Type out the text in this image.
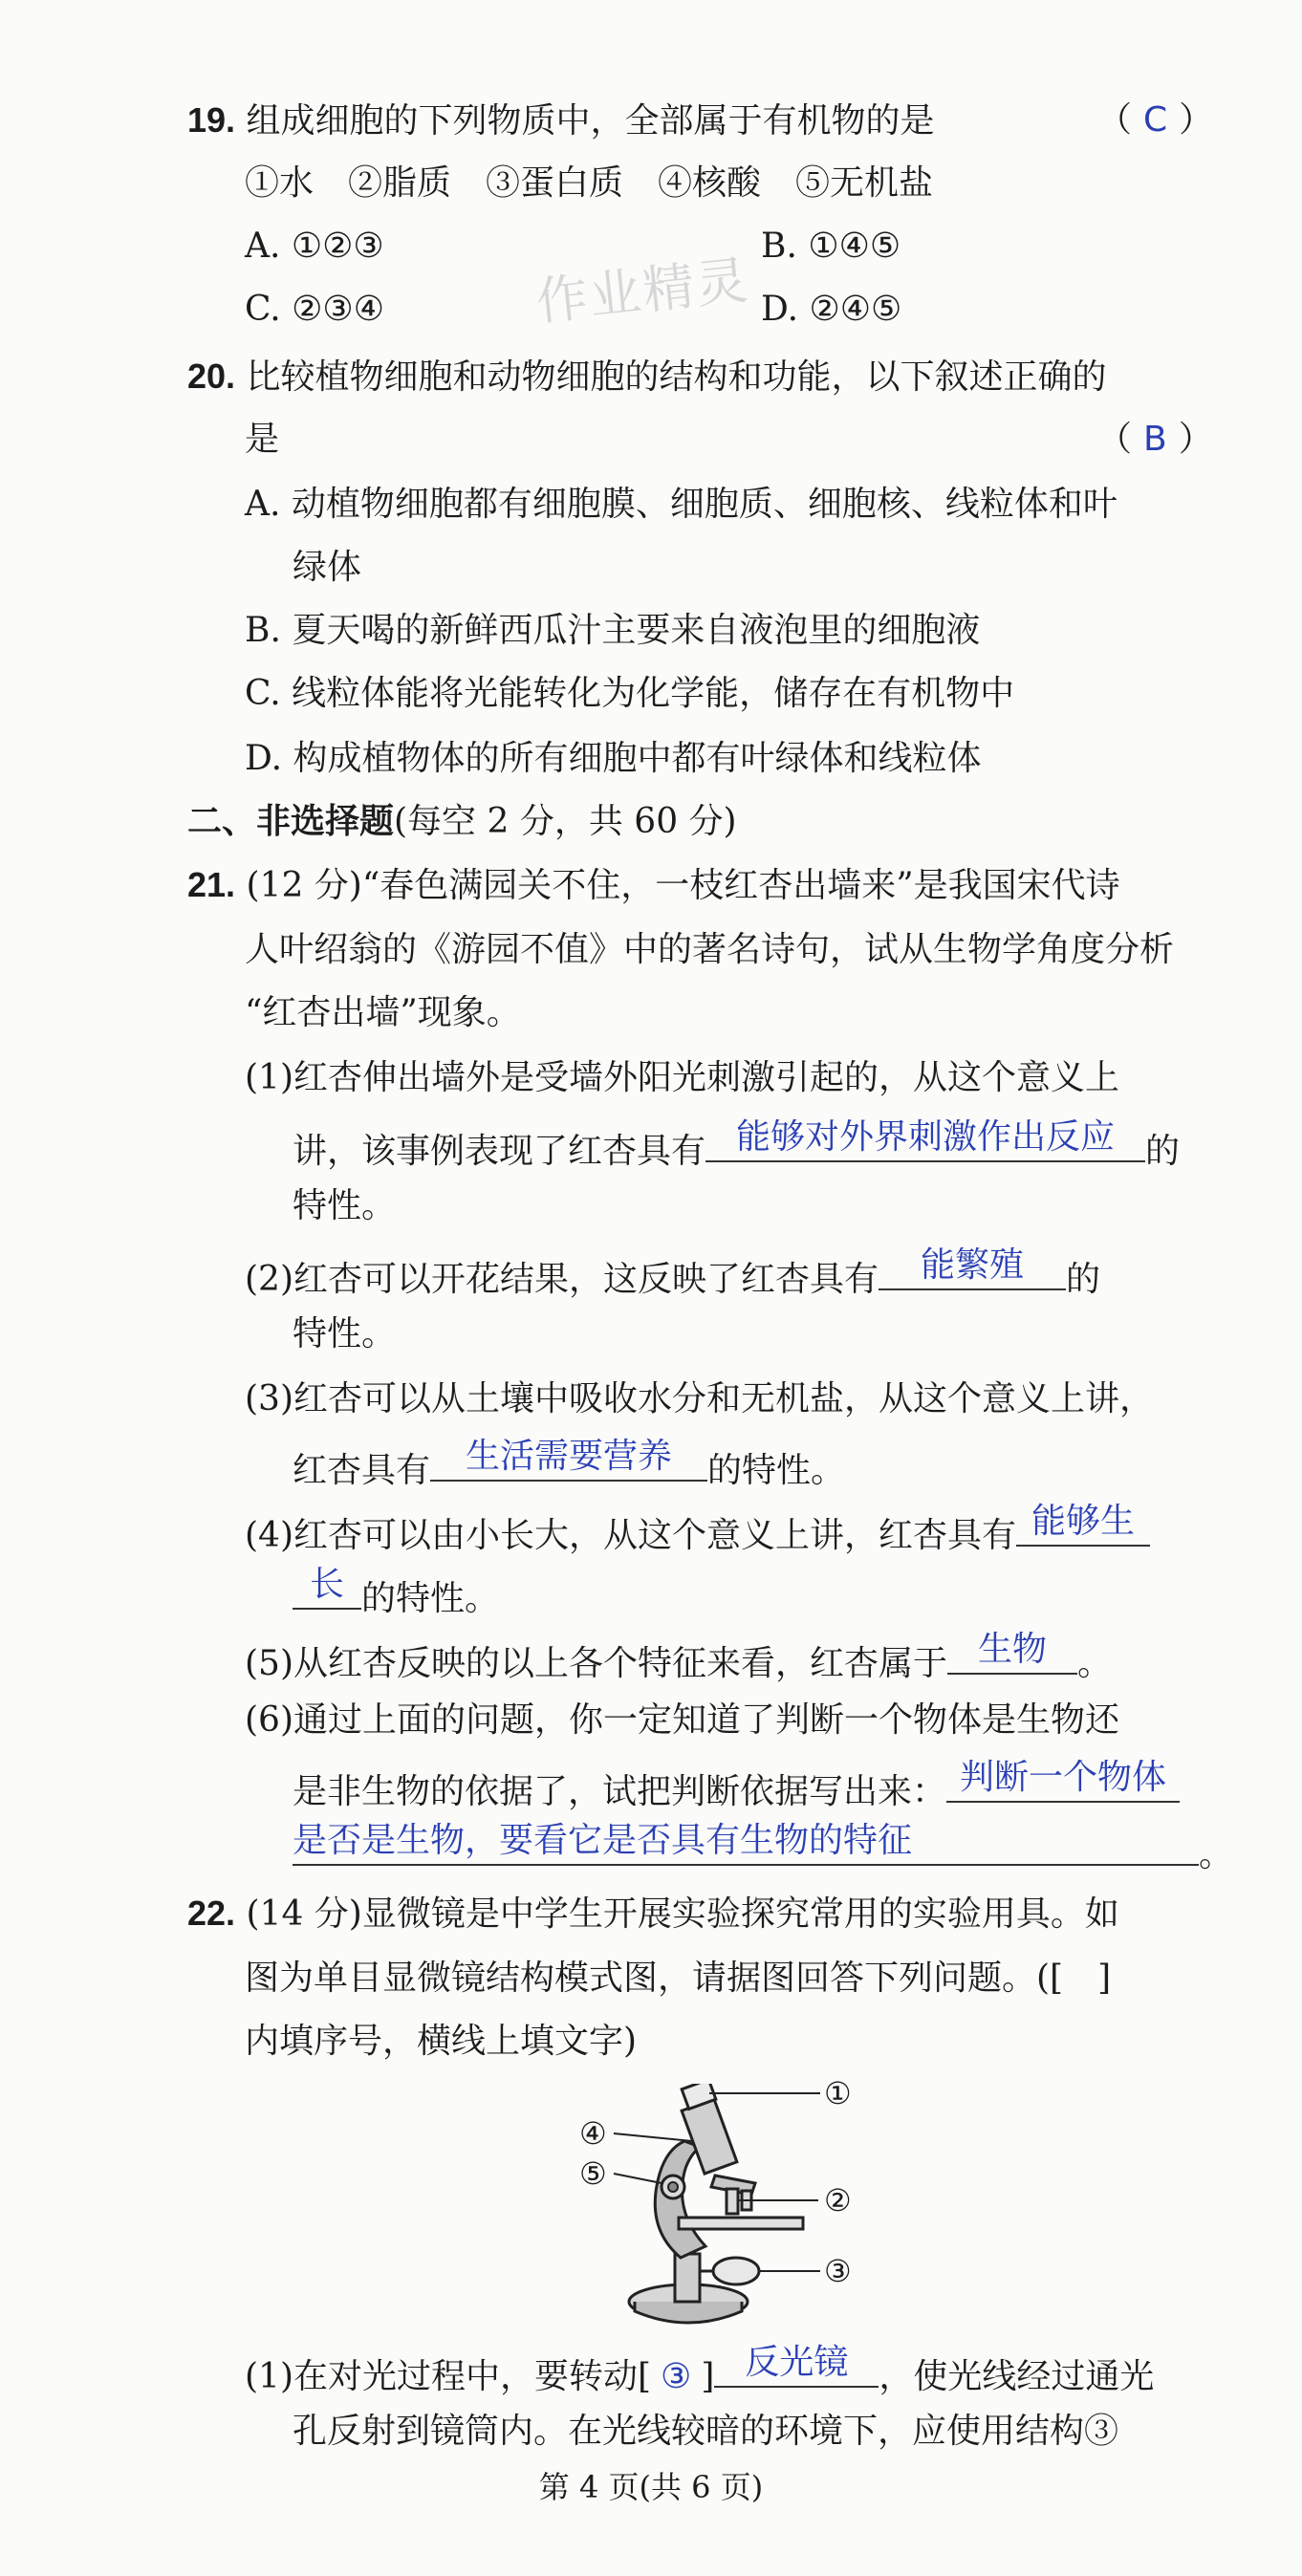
19. 组成细胞的下列物质中，全部属于有机物的是	（ C ）
①水　②脂质　③蛋白质　④核酸　⑤无机盐
A. ①②③	B. ①④⑤
C. ②③④	D. ②④⑤
作业精灵
20. 比较植物细胞和动物细胞的结构和功能，以下叙述正确的
是	（ B ）
A. 动植物细胞都有细胞膜、细胞质、细胞核、线粒体和叶
绿体
B. 夏天喝的新鲜西瓜汁主要来自液泡里的细胞液
C. 线粒体能将光能转化为化学能，储存在有机物中
D. 构成植物体的所有细胞中都有叶绿体和线粒体
二、非选择题(每空 2 分，共 60 分)
21. (12 分)“春色满园关不住，一枝红杏出墙来”是我国宋代诗
人叶绍翁的《游园不值》中的著名诗句，试从生物学角度分析
“红杏出墙”现象。
(1)红杏伸出墙外是受墙外阳光刺激引起的，从这个意义上
讲，该事例表现了红杏具有 能够对外界刺激作出反应 的
特性。
(2)红杏可以开花结果，这反映了红杏具有	能繁殖	的
特性。
(3)红杏可以从土壤中吸收水分和无机盐，从这个意义上讲，
红杏具有	生活需要营养	的特性。
(4)红杏可以由小长大，从这个意义上讲，红杏具有 能够生
长 的特性。
(5)从红杏反映的以上各个特征来看，红杏属于 生物 。
(6)通过上面的问题，你一定知道了判断一个物体是生物还
是非生物的依据了，试把判断依据写出来： 判断一个物体
是否是生物，要看它是否具有生物的特征	。
22. (14 分)显微镜是中学生开展实验探究常用的实验用具。如
图为单目显微镜结构模式图，请据图回答下列问题。([　]
内填序号，横线上填文字)
①
②
③
④
⑤
(1)在对光过程中，要转动[ ③ ] 反光镜 ，使光线经过通光
孔反射到镜筒内。在光线较暗的环境下，应使用结构③
第 4 页(共 6 页)
